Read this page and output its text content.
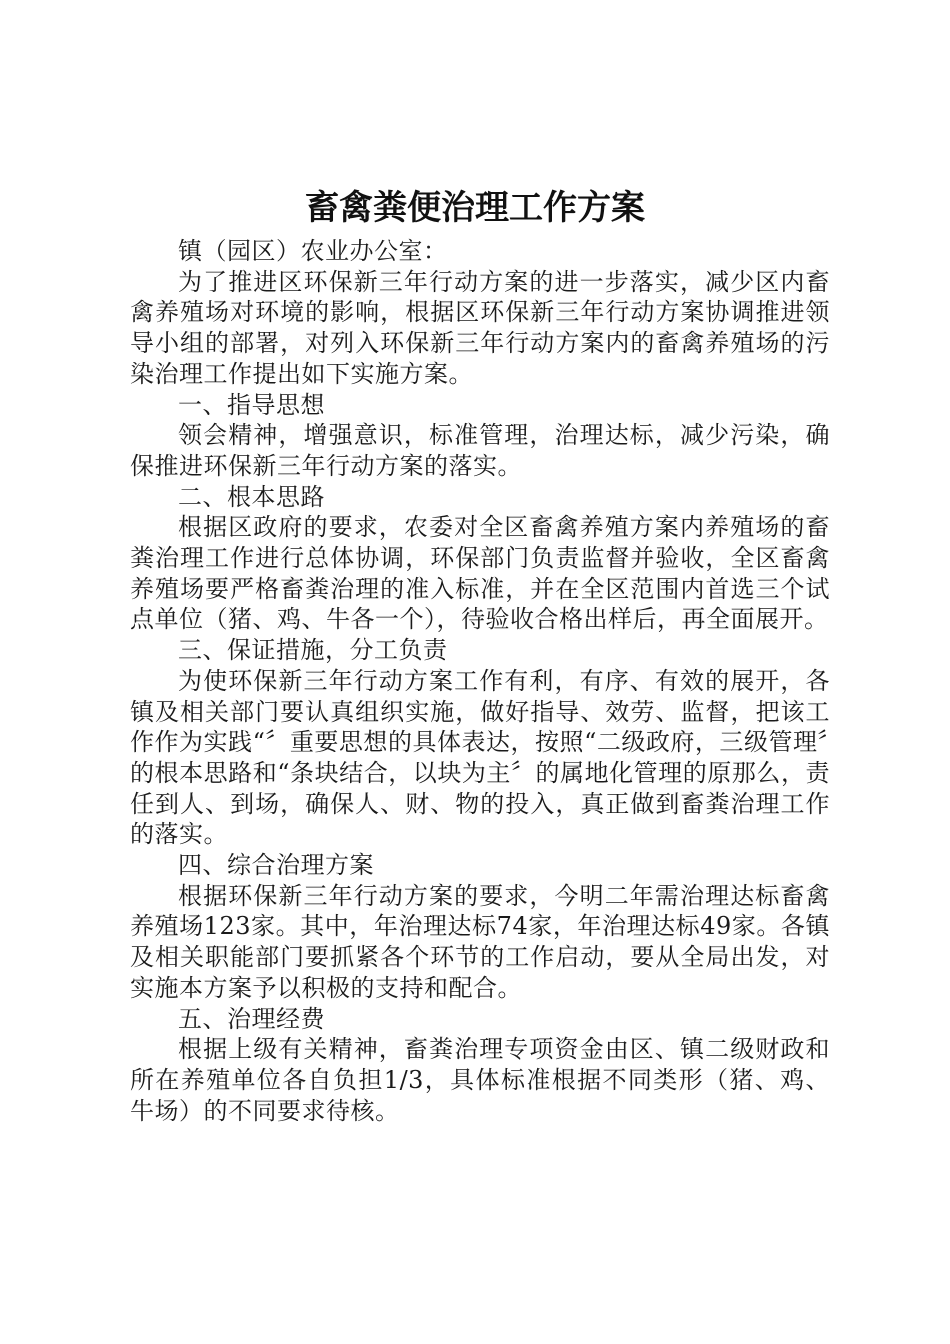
畜禽粪便治理工作方案

镇（园区）农业办公室：

为了推进区环保新三年行动方案的进一步落实，减少区内畜禽养殖场对环境的影响，根据区环保新三年行动方案协调推进领导小组的部署，对列入环保新三年行动方案内的畜禽养殖场的污染治理工作提出如下实施方案。

一、指导思想

领会精神，增强意识，标准管理，治理达标，减少污染，确保推进环保新三年行动方案的落实。

二、根本思路

根据区政府的要求，农委对全区畜禽养殖方案内养殖场的畜粪治理工作进行总体协调，环保部门负责监督并验收，全区畜禽养殖场要严格畜粪治理的准入标准，并在全区范围内首选三个试点单位（猪、鸡、牛各一个），待验收合格出样后，再全面展开。

三、保证措施，分工负责

为使环保新三年行动方案工作有利，有序、有效的展开，各镇及相关部门要认真组织实施，做好指导、效劳、监督，把该工作作为实践“〞重要思想的具体表达，按照“二级政府，三级管理〞的根本思路和“条块结合，以块为主〞的属地化管理的原那么，责任到人、到场，确保人、财、物的投入，真正做到畜粪治理工作的落实。

四、综合治理方案

根据环保新三年行动方案的要求，今明二年需治理达标畜禽养殖场123家。其中，年治理达标74家，年治理达标49家。各镇及相关职能部门要抓紧各个环节的工作启动，要从全局出发，对实施本方案予以积极的支持和配合。

五、治理经费

根据上级有关精神，畜粪治理专项资金由区、镇二级财政和所在养殖单位各自负担1/3，具体标准根据不同类形（猪、鸡、牛场）的不同要求待核。
